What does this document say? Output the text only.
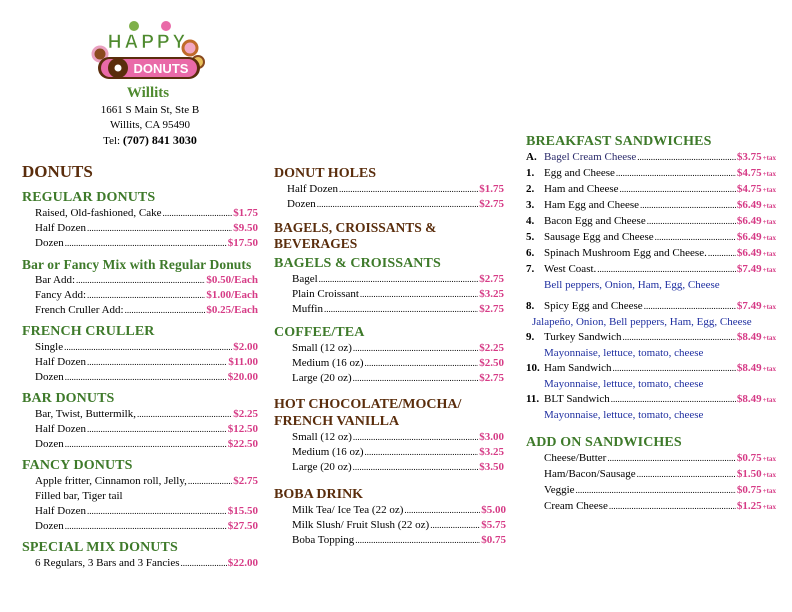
HAPPY
DONUTS
Willits
1661 S Main St, Ste B
Willits, CA 95490
Tel: (707) 841 3030
DONUTS
REGULAR DONUTS
Raised, Old-fashioned, Cake .....	$1.75
Half Dozen .....	$9.50
Dozen .....	$17.50
Bar or Fancy Mix with Regular Donuts
Bar Add: .....	$0.50/Each
Fancy Add: .....	$1.00/Each
French Cruller Add: .....	$0.25/Each
FRENCH CRULLER
Single .....	$2.00
Half Dozen .....	$11.00
Dozen .....	$20.00
BAR DONUTS
Bar, Twist, Buttermilk, .....	$2.25
Half Dozen .....	$12.50
Dozen .....	$22.50
FANCY DONUTS
Apple fritter, Cinnamon roll, Jelly, .....	$2.75
Filled bar, Tiger tail
Half Dozen .....	$15.50
Dozen .....	$27.50
SPECIAL MIX DONUTS
6 Regulars, 3 Bars and 3 Fancies .....	$22.00
DONUT HOLES
Half Dozen .....	$1.75
Dozen .....	$2.75
BAGELS, CROISSANTS & BEVERAGES
BAGELS & CROISSANTS
Bagel .....	$2.75
Plain Croissant .....	$3.25
Muffin .....	$2.75
COFFEE/TEA
Small (12 oz) .....	$2.25
Medium (16 oz) .....	$2.50
Large (20 oz) .....	$2.75
HOT CHOCOLATE/MOCHA/
FRENCH VANILLA
Small (12 oz) .....	$3.00
Medium (16 oz) .....	$3.25
Large (20 oz) .....	$3.50
BOBA DRINK
Milk Tea/ Ice Tea (22 oz) .....	$5.00
Milk Slush/ Fruit Slush (22 oz) .....	$5.75
Boba Topping .....	$0.75
BREAKFAST SANDWICHES
A. Bagel Cream Cheese .....	$3.75 +tax
1. Egg and Cheese .....	$4.75 +tax
2. Ham and Cheese .....	$4.75 +tax
3. Ham Egg and Cheese .....	$6.49 +tax
4. Bacon Egg and Cheese .....	$6.49 +tax
5. Sausage Egg and Cheese .....	$6.49 +tax
6. Spinach Mushroom Egg and Cheese. .....	$6.49 +tax
7. West Coast. .....	$7.49 +tax
Bell peppers, Onion, Ham, Egg, Cheese
8. Spicy Egg and Cheese .....	$7.49 +tax
Jalapeño, Onion, Bell peppers, Ham, Egg, Cheese
9. Turkey Sandwich .....	$8.49 +tax
Mayonnaise, lettuce, tomato, cheese
10. Ham Sandwich .....	$8.49 +tax
Mayonnaise, lettuce, tomato, cheese
11. BLT Sandwich .....	$8.49 +tax
Mayonnaise, lettuce, tomato, cheese
ADD ON SANDWICHES
Cheese/Butter .....	$0.75 +tax
Ham/Bacon/Sausage .....	$1.50 +tax
Veggie .....	$0.75 +tax
Cream Cheese .....	$1.25 +tax
